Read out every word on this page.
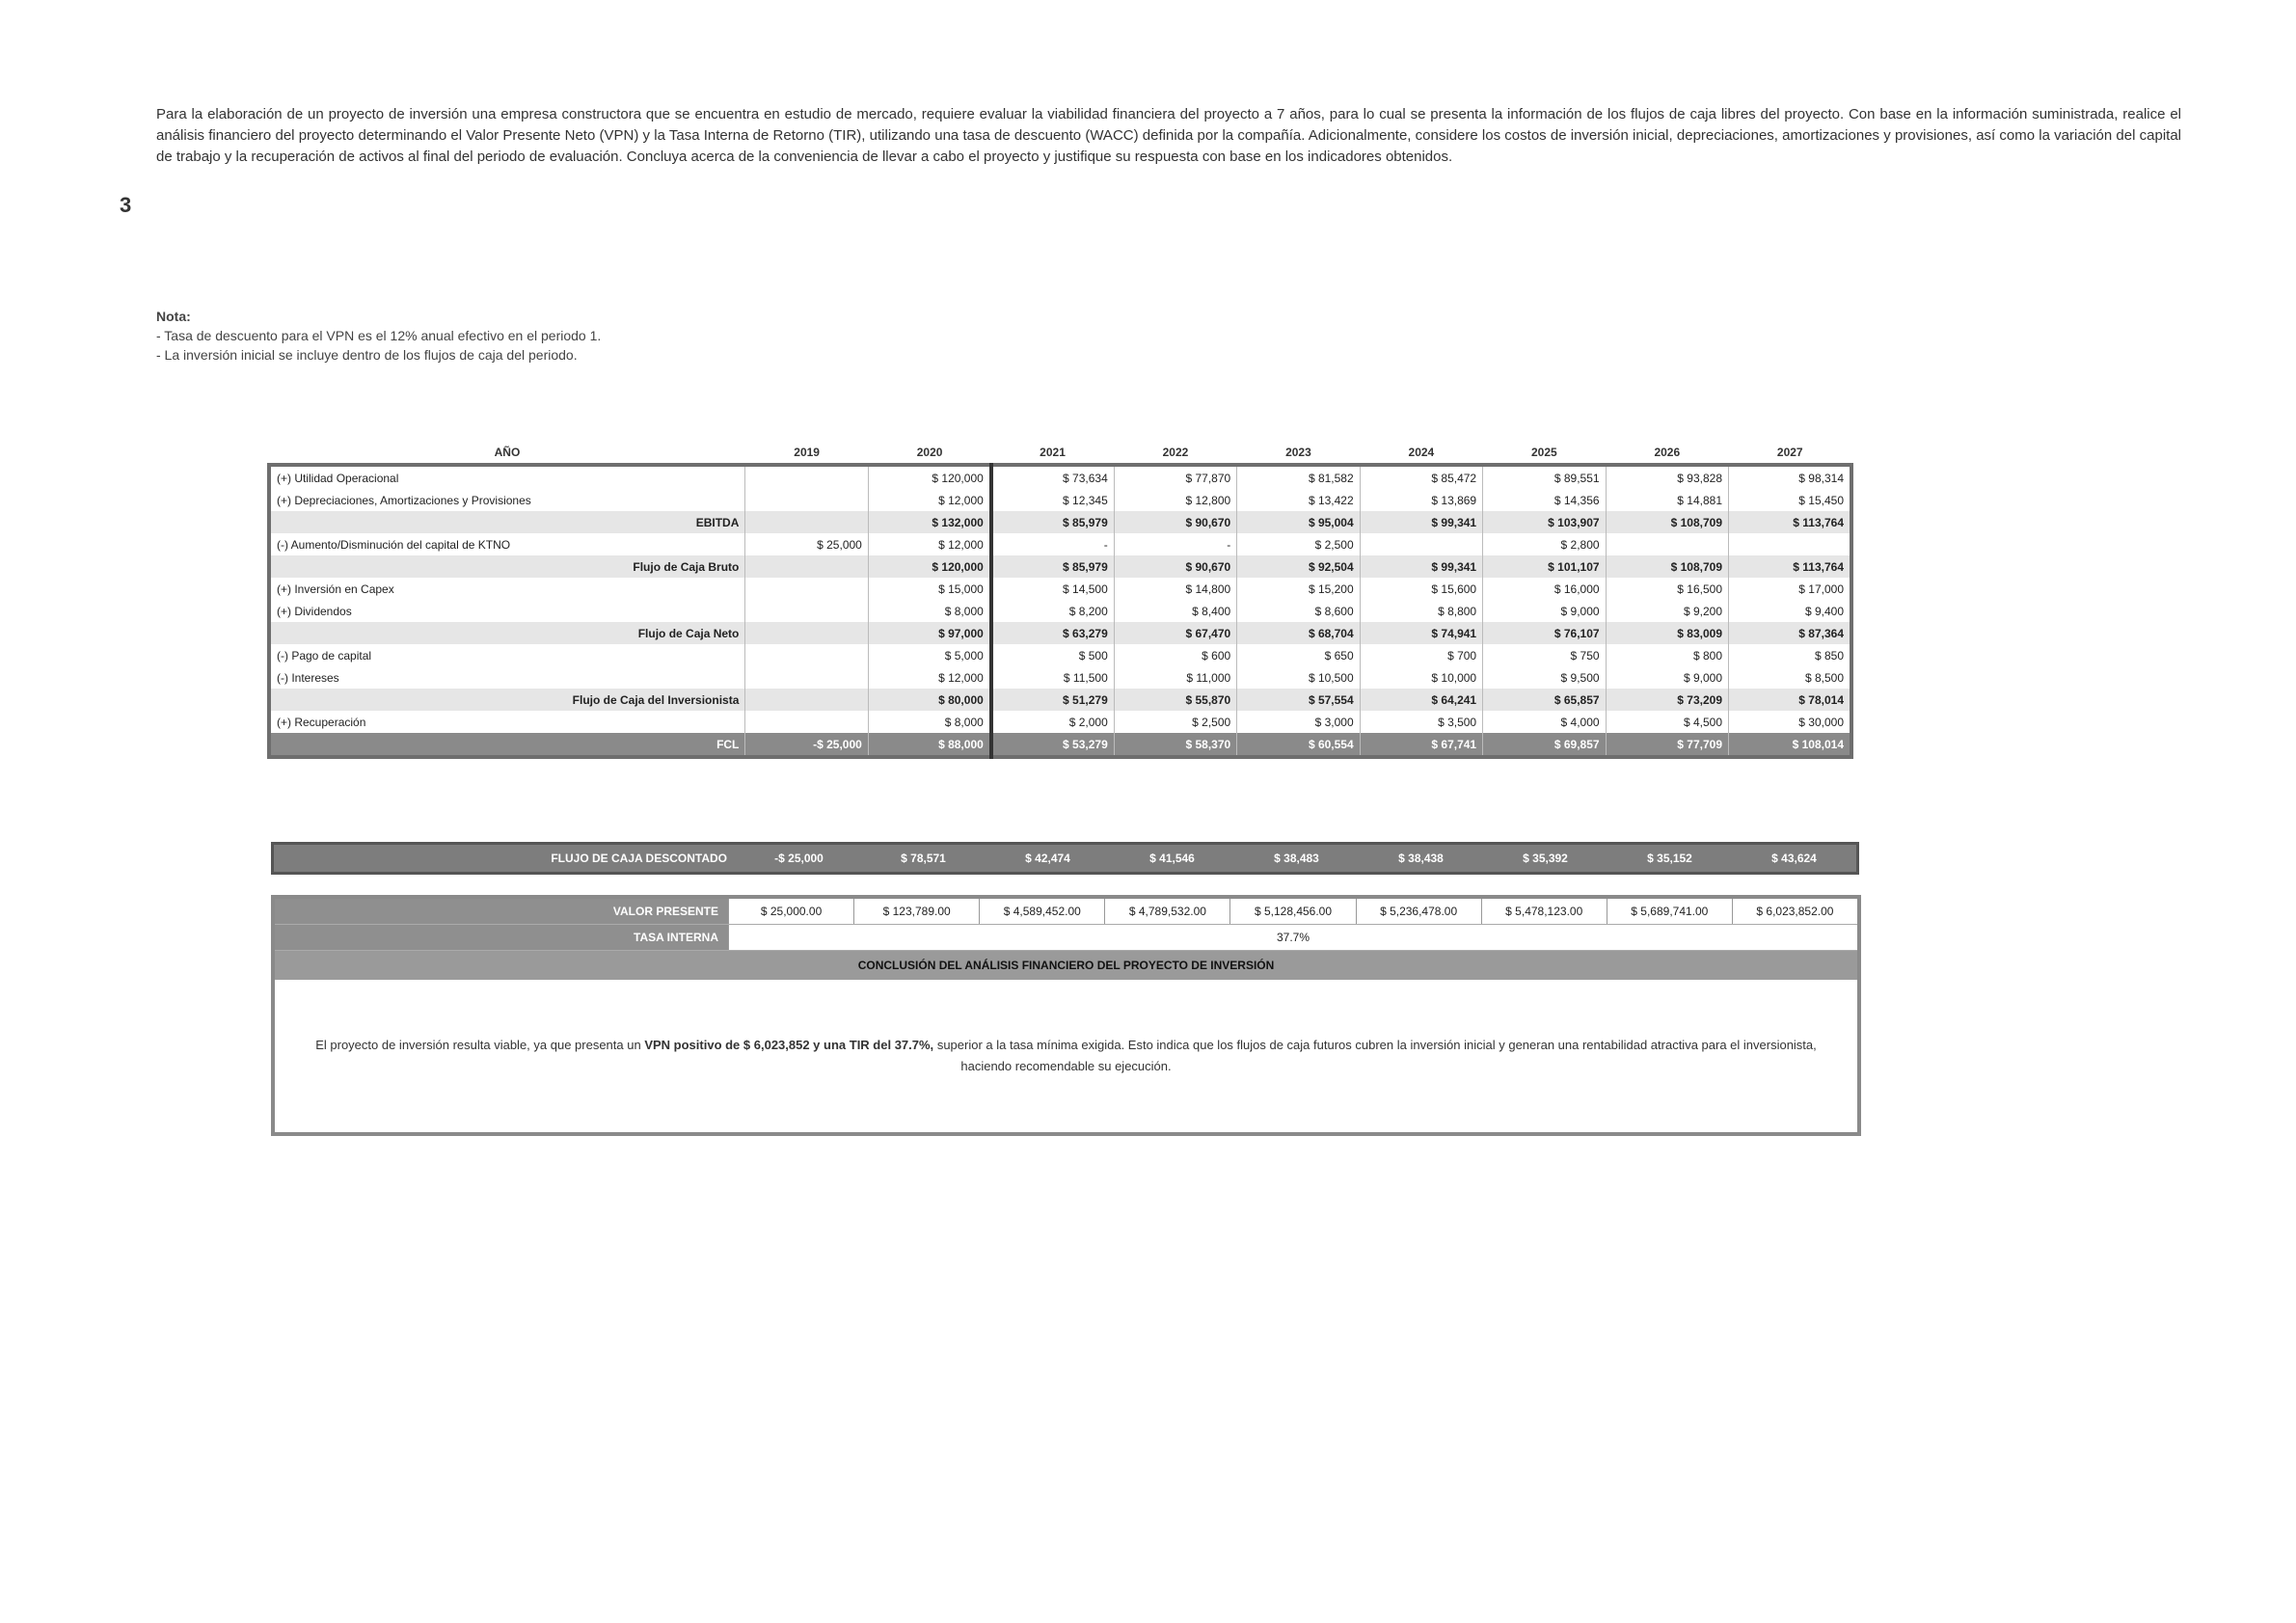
3
Para la elaboración de un proyecto de inversión una empresa constructora que se encuentra en estudio de mercado, requiere evaluar la viabilidad financiera del proyecto a 7 años, para lo cual se presenta la información de los flujos de caja libres del proyecto. Con base en la información suministrada, realice el análisis financiero del proyecto determinando el Valor Presente Neto (VPN) y la Tasa Interna de Retorno (TIR), utilizando una tasa de descuento (WACC) definida por la compañía. Adicionalmente, considere los costos de inversión inicial, depreciaciones, amortizaciones y provisiones, así como la variación del capital de trabajo y la recuperación de activos al final del periodo de evaluación. Concluya acerca de la conveniencia de llevar a cabo el proyecto y justifique su respuesta con base en los indicadores obtenidos.
Nota:
- Tasa de descuento para el VPN es el 12% anual efectivo en el periodo 1.
- La inversión inicial se incluye dentro de los flujos de caja del periodo.
AÑO	2019	2020	2021	2022	2023	2024	2025	2026	2027
(+) Utilidad Operacional		$ 120,000	$ 73,634	$ 77,870	$ 81,582	$ 85,472	$ 89,551	$ 93,828	$ 98,314
(+) Depreciaciones, Amortizaciones y Provisiones		$ 12,000	$ 12,345	$ 12,800	$ 13,422	$ 13,869	$ 14,356	$ 14,881	$ 15,450
EBITDA		$ 132,000	$ 85,979	$ 90,670	$ 95,004	$ 99,341	$ 103,907	$ 108,709	$ 113,764
(-) Aumento/Disminución del capital de KTNO	$ 25,000	$ 12,000	-	-	$ 2,500		$ 2,800		
Flujo de Caja Bruto		$ 120,000	$ 85,979	$ 90,670	$ 92,504	$ 99,341	$ 101,107	$ 108,709	$ 113,764
(+) Inversión en Capex		$ 15,000	$ 14,500	$ 14,800	$ 15,200	$ 15,600	$ 16,000	$ 16,500	$ 17,000
(+) Dividendos		$ 8,000	$ 8,200	$ 8,400	$ 8,600	$ 8,800	$ 9,000	$ 9,200	$ 9,400
Flujo de Caja Neto		$ 97,000	$ 63,279	$ 67,470	$ 68,704	$ 74,941	$ 76,107	$ 83,009	$ 87,364
(-) Pago de capital		$ 5,000	$ 500	$ 600	$ 650	$ 700	$ 750	$ 800	$ 850
(-) Intereses		$ 12,000	$ 11,500	$ 11,000	$ 10,500	$ 10,000	$ 9,500	$ 9,000	$ 8,500
Flujo de Caja del Inversionista		$ 80,000	$ 51,279	$ 55,870	$ 57,554	$ 64,241	$ 65,857	$ 73,209	$ 78,014
(+) Recuperación		$ 8,000	$ 2,000	$ 2,500	$ 3,000	$ 3,500	$ 4,000	$ 4,500	$ 30,000
FCL	-$ 25,000	$ 88,000	$ 53,279	$ 58,370	$ 60,554	$ 67,741	$ 69,857	$ 77,709	$ 108,014
FLUJO DE CAJA DESCONTADO	-$ 25,000	$ 78,571	$ 42,474	$ 41,546	$ 38,483	$ 38,438	$ 35,392	$ 35,152	$ 43,624
VALOR PRESENTE	$ 25,000.00	$ 123,789.00	$ 4,589,452.00	$ 4,789,532.00	$ 5,128,456.00	$ 5,236,478.00	$ 5,478,123.00	$ 5,689,741.00	$ 6,023,852.00
TASA INTERNA	37.7%
CONCLUSIÓN DEL ANÁLISIS FINANCIERO DEL PROYECTO DE INVERSIÓN
El proyecto de inversión resulta viable, ya que presenta un VPN positivo de $ 6,023,852 y una TIR del 37.7%, superior a la tasa mínima exigida. Esto indica que los flujos de caja futuros cubren la inversión inicial y generan una rentabilidad atractiva para el inversionista, haciendo recomendable su ejecución.
